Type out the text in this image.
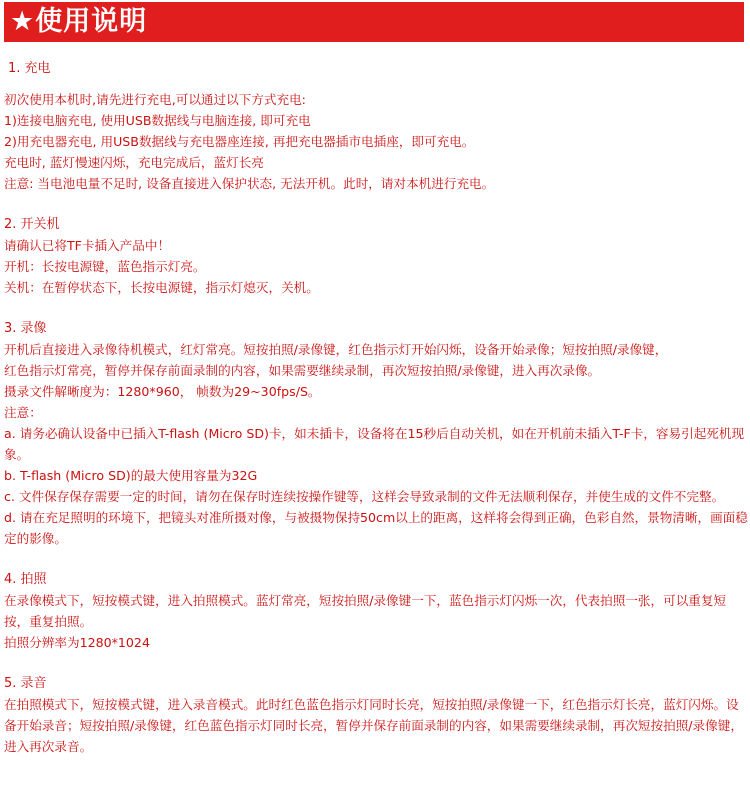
★使用说明
1. 充电
初次使用本机时,请先进行充电,可以通过以下方式充电:
1)连接电脑充电, 使用USB数据线与电脑连接, 即可充电
2)用充电器充电, 用USB数据线与充电器座连接, 再把充电器插市电插座，即可充电。
充电时, 蓝灯慢速闪烁，充电完成后，蓝灯长亮
注意: 当电池电量不足时, 设备直接进入保护状态, 无法开机。此时，请对本机进行充电。
2. 开关机
请确认已将TF卡插入产品中！
开机：长按电源键，蓝色指示灯亮。
关机：在暂停状态下，长按电源键，指示灯熄灭，关机。
3. 录像
开机后直接进入录像待机模式，红灯常亮。短按拍照/录像键，红色指示灯开始闪烁，设备开始录像；短按拍照/录像键，
红色指示灯常亮，暂停并保存前面录制的内容，如果需要继续录制，再次短按拍照/录像键，进入再次录像。
摄录文件解晰度为：1280*960， 帧数为29~30fps/S。
注意：
a. 请务必确认设备中已插入T-flash (Micro SD)卡，如未插卡，设备将在15秒后自动关机，如在开机前未插入T-F卡，容易引起死机现象。
b. T-flash (Micro SD)的最大使用容量为32G
c. 文件保存保存需要一定的时间，请勿在保存时连续按操作键等，这样会导致录制的文件无法顺利保存，并使生成的文件不完整。
d. 请在充足照明的环境下，把镜头对准所摄对像，与被摄物保持50cm以上的距离，这样将会得到正确，色彩自然，景物清晰，画面稳定的影像。
4. 拍照
在录像模式下，短按模式键，进入拍照模式。蓝灯常亮，短按拍照/录像键一下，蓝色指示灯闪烁一次，代表拍照一张，可以重复短按，重复拍照。
拍照分辨率为1280*1024
5. 录音
在拍照模式下，短按模式键，进入录音模式。此时红色蓝色指示灯同时长亮，短按拍照/录像键一下，红色指示灯长亮，蓝灯闪烁。设备开始录音；短按拍照/录像键，红色蓝色指示灯同时长亮，暂停并保存前面录制的内容，如果需要继续录制，再次短按拍照/录像键，进入再次录音。
